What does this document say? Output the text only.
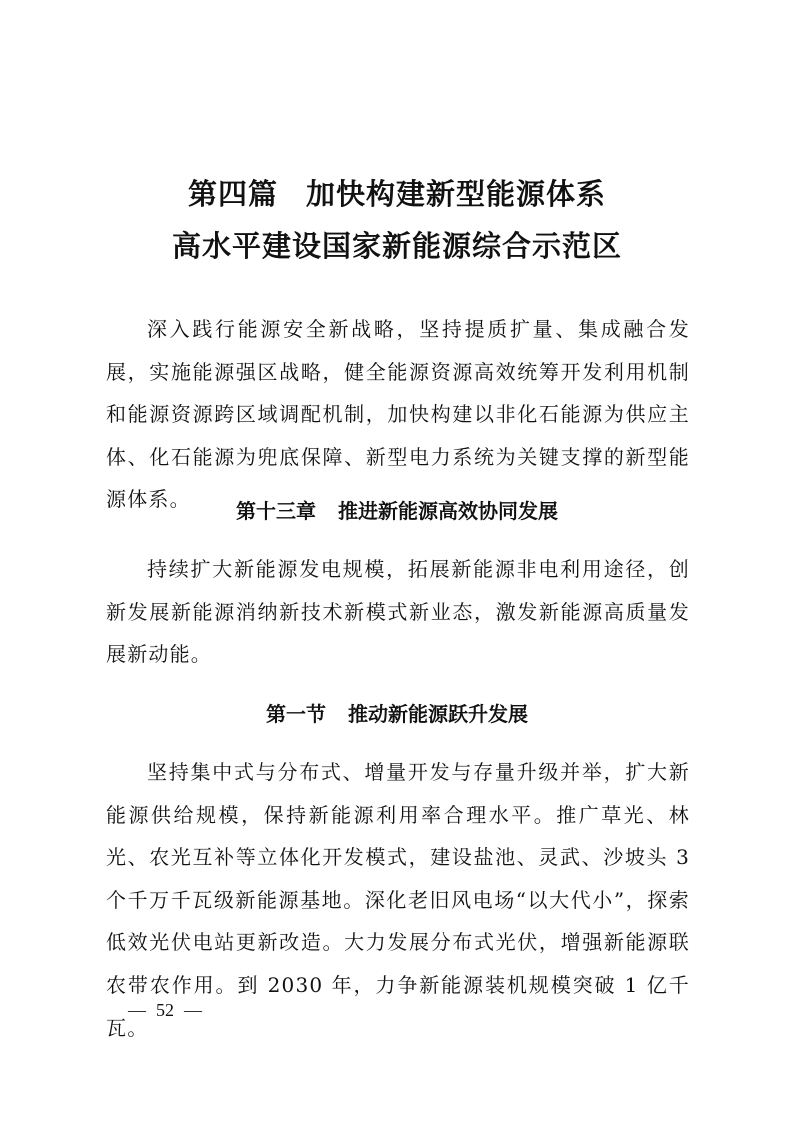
第四篇 加快构建新型能源体系
高水平建设国家新能源综合示范区

深入践行能源安全新战略，坚持提质扩量、集成融合发展，实施能源强区战略，健全能源资源高效统筹开发利用机制和能源资源跨区域调配机制，加快构建以非化石能源为供应主体、化石能源为兜底保障、新型电力系统为关键支撑的新型能源体系。	第十三章 推进新能源高效协同发展

持续扩大新能源发电规模，拓展新能源非电利用途径，创新发展新能源消纳新技术新模式新业态，激发新能源高质量发展新动能。

第一节 推动新能源跃升发展

坚持集中式与分布式、增量开发与存量升级并举，扩大新能源供给规模，保持新能源利用率合理水平。推广草光、林光、农光互补等立体化开发模式，建设盐池、灵武、沙坡头 3 个千万千瓦级新能源基地。深化老旧风电场“以大代小”，探索低效光伏电站更新改造。大力发展分布式光伏，增强新能源联农带农作用。到 2030 年，力争新能源装机规模突破 1 亿千瓦。

— 52 —
